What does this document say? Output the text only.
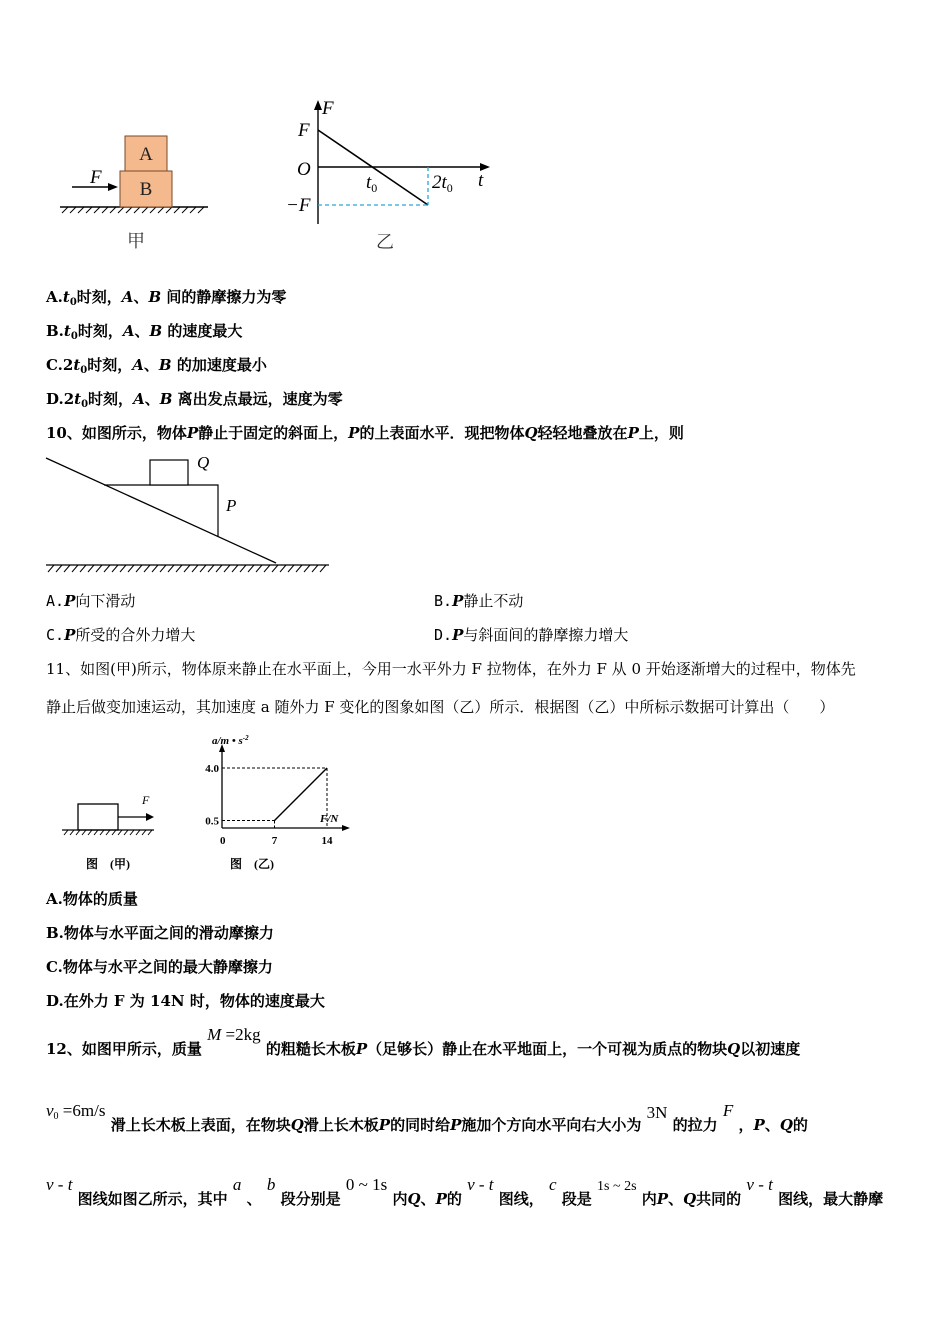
A
B
F
甲
F
F
O
$t_0$	$2t_0$ t
−F
乙
$A.t_0$时刻，A、B 间的静摩擦力为零
$B.t_0$时刻，A、B 的速度最大
$C.2t_0$时刻，A、B 的加速度最小
$D.2t_0$时刻，A、B 离出发点最远，速度为零
10、如图所示，物体P静止于固定的斜面上，P的上表面水平．现把物体Q轻轻地叠放在P上，则
Q
P
A.P向下滑动	B.P静止不动
C.P所受的合外力增大	D.P与斜面间的静摩擦力增大
11、如图(甲)所示，物体原来静止在水平面上，今用一水平外力 F 拉物体，在外力 F 从 0 开始逐渐增大的过程中，物体先
静止后做变加速运动，其加速度 a 随外力 F 变化的图象如图（乙）所示．根据图（乙）中所标示数据可计算出（　　）
F
图　(甲)
a/m • $s^{-2}$
F/N
0
4.0
0.5
7	14
图　(乙)
A.物体的质量
B.物体与水平面之间的滑动摩擦力
C.物体与水平之间的最大静摩擦力
D.在外力 F 为 14N 时，物体的速度最大
12、如图甲所示，质量 M =2kg 的粗糙长木板P（足够长）静止在水平地面上，一个可视为质点的物块Q以初速度
$v_0 =6m/s$ 滑上长木板上表面，在物块Q滑上长木板P的同时给P施加个方向水平向右大小为 3N 的拉力 F ，P、Q的
v - t 图线如图乙所示，其中 a 、 b 段分别是 0 ~ 1s 内Q、P的 v - t 图线， c 段是 1s ~ 2s 内P、Q共同的 v - t 图线，最大静摩
